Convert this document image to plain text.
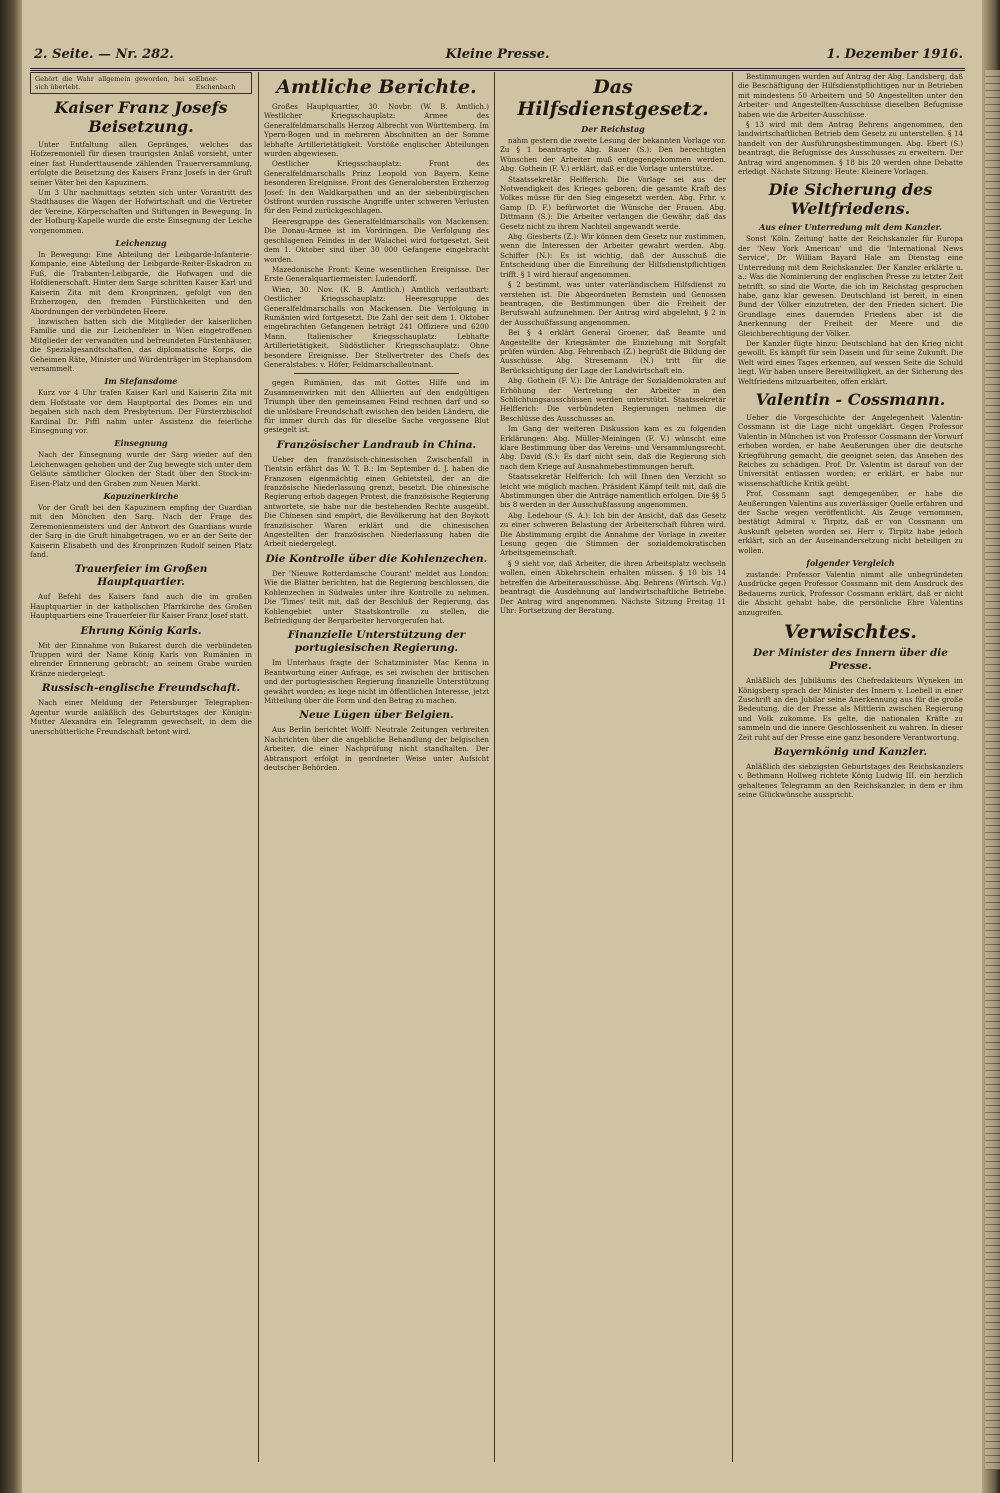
2. Seite. — Nr. 282.	Kleine Presse.	1. Dezember 1916.
Gehört die Wahr allgemein geworden, bei so sich überlebt.
Ebner-Eschenbach
Kaiser Franz Josefs Beisetzung.

Unter Entfaltung allen Gepränges, welches das Hofzeremoniell für diesen traurigsten Anlaß vorsieht, unter einer fast Hunderttausende zählenden Trauerversammlung, erfolgte die Beisetzung des Kaisers Franz Josefs in der Gruft seiner Väter bei den Kapuzinern.

Um 3 Uhr nachmittags setzten sich unter Vorantritt des Stadthauses die Wagen der Hofwirtschaft und die Vertreter der Vereine, Körperschaften und Stiftungen in Bewegung. In der Hofburg-Kapelle wurde die erste Einsegnung der Leiche vorgenommen.

Leichenzug

In Bewegung: Eine Abteilung der Leibgarde-Infanterie-Kompanie, eine Abteilung der Leibgarde-Reiter-Eskadron zu Fuß, die Trabanten-Leibgarde, die Hofwagen und die Hofdienerschaft. Hinter dem Sarge schritten Kaiser Karl und Kaiserin Zita mit dem Kronprinzen, gefolgt von den Erzherzogen, den fremden Fürstlichkeiten und den Abordnungen der verbündeten Heere.

Inzwischen hatten sich die Mitglieder der kaiserlichen Familie und die zur Leichenfeier in Wien eingetroffenen Mitglieder der verwandten und befreundeten Fürstenhäuser, die Spezialgesandtschaften, das diplomatische Korps, die Geheimen Räte, Minister und Würdenträger im Stephansdom versammelt.

Im Stefansdome

Kurz vor 4 Uhr trafen Kaiser Karl und Kaiserin Zita mit dem Hofstaate vor dem Hauptportal des Domes ein und begaben sich nach dem Presbyterium. Der Fürsterzbischof Kardinal Dr. Piffl nahm unter Assistenz die feierliche Einsegnung vor.

Einsegnung

Nach der Einsegnung wurde der Sarg wieder auf den Leichenwagen gehoben und der Zug bewegte sich unter dem Geläute sämtlicher Glocken der Stadt über den Stock-im-Eisen-Platz und den Graben zum Neuen Markt.

Kapuzinerkirche

Vor der Gruft bei den Kapuzinern empfing der Guardian mit den Mönchen den Sarg. Nach der Frage des Zeremonienmeisters und der Antwort des Guardians wurde der Sarg in die Gruft hinabgetragen, wo er an der Seite der Kaiserin Elisabeth und des Kronprinzen Rudolf seinen Platz fand.

Trauerfeier im Großen Hauptquartier.

Auf Befehl des Kaisers fand auch die im großen Hauptquartier in der katholischen Pfarrkirche des Großen Hauptquartiers eine Trauerfeier für Kaiser Franz Josef statt.

Ehrung König Karls.

Mit der Einnahme von Bukarest durch die verbündeten Truppen wird der Name König Karls von Rumänien in ehrender Erinnerung gebracht; an seinem Grabe wurden Kränze niedergelegt.

Russisch-englische Freundschaft.

Nach einer Meldung der Petersburger Telegraphen-Agentur wurde anläßlich des Geburtstages der Königin-Mutter Alexandra ein Telegramm gewechselt, in dem die unerschütterliche Freundschaft betont wird.

Amtliche Berichte.

Großes Hauptquartier, 30. Novbr. (W. B. Amtlich.) Westlicher Kriegsschauplatz: Armee des Generalfeldmarschalls Herzog Albrecht von Württemberg. Im Ypern-Bogen und in mehreren Abschnitten an der Somme lebhafte Artillerietätigkeit. Vorstöße englischer Abteilungen wurden abgewiesen.

Oestlicher Kriegsschauplatz: Front des Generalfeldmarschalls Prinz Leopold von Bayern. Keine besonderen Ereignisse. Front des Generalobersten Erzherzog Josef: In den Waldkarpathen und an der siebenbürgischen Ostfront wurden russische Angriffe unter schweren Verlusten für den Feind zurückgeschlagen.

Heeresgruppe des Generalfeldmarschalls von Mackensen: Die Donau-Armee ist im Vordringen. Die Verfolgung des geschlagenen Feindes in der Walachei wird fortgesetzt. Seit dem 1. Oktober sind über 30 000 Gefangene eingebracht worden.

Mazedonische Front: Keine wesentlichen Ereignisse. Der Erste Generalquartiermeister: Ludendorff.

Wien, 30. Nov. (K. B. Amtlich.) Amtlich verlautbart: Oestlicher Kriegsschauplatz: Heeresgruppe des Generalfeldmarschalls von Mackensen. Die Verfolgung in Rumänien wird fortgesetzt. Die Zahl der seit dem 1. Oktober eingebrachten Gefangenen beträgt 241 Offiziere und 6200 Mann. Italienischer Kriegsschauplatz: Lebhafte Artillerietätigkeit. Südöstlicher Kriegsschauplatz: Ohne besondere Ereignisse. Der Stellvertreter des Chefs des Generalstabes: v. Höfer, Feldmarschalleutnant.

gegen Rumänien, das mit Gottes Hilfe und im Zusammenwirken mit den Alliierten auf den endgültigen Triumph über den gemeinsamen Feind rechnen darf und so die unlösbare Freundschaft zwischen den beiden Ländern, die für immer durch das für dieselbe Sache vergossene Blut gesiegelt ist.

Französischer Landraub in China.

Ueber den französisch-chinesischen Zwischenfall in Tientsin erfährt das W. T. B.: Im September d. J. haben die Franzosen eigenmächtig einen Gebietsteil, der an die französische Niederlassung grenzt, besetzt. Die chinesische Regierung erhob dagegen Protest, die französische Regierung antwortete, sie habe nur die bestehenden Rechte ausgeübt. Die Chinesen sind empört, die Bevölkerung hat den Boykott französischer Waren erklärt und die chinesischen Angestellten der französischen Niederlassung haben die Arbeit niedergelegt.

Die Kontrolle über die Kohlenzechen.

Der 'Nieuwe Rotterdamsche Courant' meldet aus London: Wie die Blätter berichten, hat die Regierung beschlossen, die Kohlenzechen in Südwales unter ihre Kontrolle zu nehmen. Die 'Times' teilt mit, daß der Beschluß der Regierung, das Kohlengebiet unter Staatskontrolle zu stellen, die Befriedigung der Bergarbeiter hervorgerufen hat.

Finanzielle Unterstützung der portugiesischen Regierung.

Im Unterhaus fragte der Schatzminister Mac Kenna in Beantwortung einer Anfrage, es sei zwischen der britischen und der portugiesischen Regierung finanzielle Unterstützung gewährt worden; es liege nicht im öffentlichen Interesse, jetzt Mitteilung über die Form und den Betrag zu machen.

Neue Lügen über Belgien.

Aus Berlin berichtet Wolff: Neutrale Zeitungen verbreiten Nachrichten über die angebliche Behandlung der belgischen Arbeiter, die einer Nachprüfung nicht standhalten. Der Abtransport erfolgt in geordneter Weise unter Aufsicht deutscher Behörden.

Das Hilfsdienstgesetz.
Der Reichstag

nahm gestern die zweite Lesung der bekannten Vorlage vor. Zu § 1 beantragte Abg. Bauer (S.): Den berechtigten Wünschen der Arbeiter muß entgegengekommen werden. Abg. Gothein (F. V.) erklärt, daß er die Vorlage unterstütze.

Staatssekretär Helfferich: Die Vorlage sei aus der Notwendigkeit des Krieges geboren; die gesamte Kraft des Volkes müsse für den Sieg eingesetzt werden. Abg. Frhr. v. Gamp (D. F.) befürwortet die Wünsche der Frauen. Abg. Dittmann (S.): Die Arbeiter verlangen die Gewähr, daß das Gesetz nicht zu ihrem Nachteil angewandt werde.

Abg. Giesberts (Z.): Wir können dem Gesetz nur zustimmen, wenn die Interessen der Arbeiter gewahrt werden. Abg. Schiffer (N.): Es ist wichtig, daß der Ausschuß die Entscheidung über die Einreihung der Hilfsdienstpflichtigen trifft. § 1 wird hierauf angenommen.

§ 2 bestimmt, was unter vaterländischem Hilfsdienst zu verstehen ist. Die Abgeordneten Bernstein und Genossen beantragen, die Bestimmungen über die Freiheit der Berufswahl aufzunehmen. Der Antrag wird abgelehnt, § 2 in der Ausschußfassung angenommen.

Bei § 4 erklärt General Groener, daß Beamte und Angestellte der Kriegsämter die Einziehung mit Sorgfalt prüfen würden. Abg. Fehrenbach (Z.) begrüßt die Bildung der Ausschüsse. Abg. Stresemann (N.) tritt für die Berücksichtigung der Lage der Landwirtschaft ein.

Abg. Gothein (F. V.): Die Anträge der Sozialdemokraten auf Erhöhung der Vertretung der Arbeiter in den Schlichtungsausschüssen werden unterstützt. Staatssekretär Helfferich: Die verbündeten Regierungen nehmen die Beschlüsse des Ausschusses an.

Im Gang der weiteren Diskussion kam es zu folgenden Erklärungen: Abg. Müller-Meiningen (F. V.) wünscht eine klare Bestimmung über das Vereins- und Versammlungsrecht. Abg. David (S.): Es darf nicht sein, daß die Regierung sich nach dem Kriege auf Ausnahmebestimmungen beruft.

Staatssekretär Helfferich: Ich will Ihnen den Verzicht so leicht wie möglich machen. Präsident Kämpf teilt mit, daß die Abstimmungen über die Anträge namentlich erfolgen. Die §§ 5 bis 8 werden in der Ausschußfassung angenommen.

Abg. Ledebour (S. A.): Ich bin der Ansicht, daß das Gesetz zu einer schweren Belastung der Arbeiterschaft führen wird. Die Abstimmung ergibt die Annahme der Vorlage in zweiter Lesung gegen die Stimmen der sozialdemokratischen Arbeitsgemeinschaft.

§ 9 sieht vor, daß Arbeiter, die ihren Arbeitsplatz wechseln wollen, einen Abkehrschein erhalten müssen. § 10 bis 14 betreffen die Arbeiterausschüsse. Abg. Behrens (Wirtsch. Vg.) beantragt die Ausdehnung auf landwirtschaftliche Betriebe. Der Antrag wird angenommen. Nächste Sitzung Freitag 11 Uhr: Fortsetzung der Beratung.

Bestimmungen wurden auf Antrag der Abg. Landsberg, daß die Beschäftigung der Hilfsdienstpflichtigen nur in Betrieben mit mindestens 50 Arbeitern und 50 Angestellten unter den Arbeiter- und Angestellten-Ausschüsse dieselben Befugnisse haben wie die Arbeiter-Ausschüsse.

§ 13 wird mit dem Antrag Behrens angenommen, den landwirtschaftlichen Betrieb dem Gesetz zu unterstellen. § 14 handelt von der Ausführungsbestimmungen. Abg. Ebert (S.) beantragt, die Befugnisse des Ausschusses zu erweitern. Der Antrag wird angenommen. § 18 bis 20 werden ohne Debatte erledigt. Nächste Sitzung: Heute: Kleinere Vorlagen.

Die Sicherung des Weltfriedens.
Aus einer Unterredung mit dem Kanzler.

Sonst 'Köln. Zeitung' hatte der Reichskanzler für Europa der 'New York American' und die 'International News Service', Dr. William Bayard Hale am Dienstag eine Unterredung mit dem Reichskanzler. Der Kanzler erklärte u. a.: Was die Nominierung der englischen Presse zu letzter Zeit betrifft, so sind die Worte, die ich im Reichstag gesprochen habe, ganz klar gewesen. Deutschland ist bereit, in einen Bund der Völker einzutreten, der den Frieden sichert. Die Grundlage eines dauernden Friedens aber ist die Anerkennung der Freiheit der Meere und die Gleichberechtigung der Völker.

Der Kanzler fügte hinzu: Deutschland hat den Krieg nicht gewollt. Es kämpft für sein Dasein und für seine Zukunft. Die Welt wird eines Tages erkennen, auf wessen Seite die Schuld liegt. Wir haben unsere Bereitwilligkeit, an der Sicherung des Weltfriedens mitzuarbeiten, offen erklärt.

Valentin - Cossmann.

Ueber die Vorgeschichte der Angelegenheit Valentin-Cossmann ist die Lage nicht ungeklärt. Gegen Professor Valentin in München ist von Professor Cossmann der Vorwurf erhoben worden, er habe Aeußerungen über die deutsche Kriegführung gemacht, die geeignet seien, das Ansehen des Reiches zu schädigen. Prof. Dr. Valentin ist darauf von der Universität entlassen worden; er erklärt, er habe nur wissenschaftliche Kritik geübt.

Prof. Cossmann sagt demgegenüber, er habe die Aeußerungen Valentins aus zuverlässiger Quelle erfahren und der Sache wegen veröffentlicht. Als Zeuge vernommen, bestätigt Admiral v. Tirpitz, daß er von Cossmann um Auskunft gebeten worden sei. Herr v. Tirpitz habe jedoch erklärt, sich an der Auseinandersetzung nicht beteiligen zu wollen.

folgender Vergleich

zustande: Professor Valentin nimmt alle unbegründeten Ausdrücke gegen Professor Cossmann mit dem Ausdruck des Bedauerns zurück, Professor Cossmann erklärt, daß er nicht die Absicht gehabt habe, die persönliche Ehre Valentins anzugreifen.

Verwischtes.
Der Minister des Innern über die Presse.

Anläßlich des Jubiläums des Chefredakteurs Wyneken im Königsberg sprach der Minister des Innern v. Loebell in einer Zuschrift an den Jubilar seine Anerkennung aus für die große Bedeutung, die der Presse als Mittlerin zwischen Regierung und Volk zukomme. Es gelte, die nationalen Kräfte zu sammeln und die innere Geschlossenheit zu wahren. In dieser Zeit ruht auf der Presse eine ganz besondere Verantwortung.

Bayernkönig und Kanzler.

Anläßlich des siebzigsten Geburtstages des Reichskanzlers v. Bethmann Hollweg richtete König Ludwig III. ein herzlich gehaltenes Telegramm an den Reichskanzler, in dem er ihm seine Glückwünsche ausspricht.
